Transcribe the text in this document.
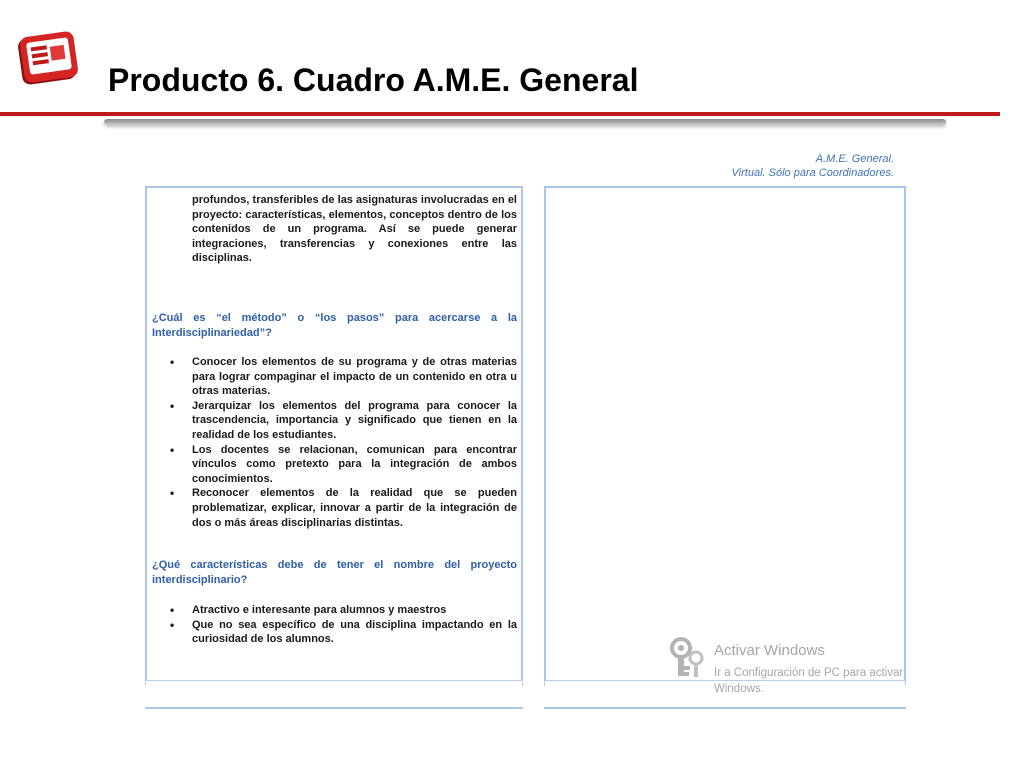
Producto 6. Cuadro A.M.E. General
A.M.E. General.
Virtual. Sólo para Coordinadores.
profundos, transferibles de las asignaturas involucradas en el proyecto: características, elementos, conceptos dentro de los contenidos de un programa. Así se puede generar integraciones, transferencias y conexiones entre las disciplinas.
¿Cuál es “el método” o “los pasos” para acercarse a la Interdisciplinariedad”?
• Conocer los elementos de su programa y de otras materias para lograr compaginar el impacto de un contenido en otra u otras materias.
• Jerarquizar los elementos del programa para conocer la trascendencia, importancia y significado que tienen en la realidad de los estudiantes.
• Los docentes se relacionan, comunican para encontrar vínculos como pretexto para la integración de ambos conocimientos.
• Reconocer elementos de la realidad que se pueden problematizar, explicar, innovar a partir de la integración de dos o más áreas disciplinarias distintas.
¿Qué características debe de tener el nombre del proyecto interdisciplinario?
• Atractivo e interesante para alumnos y maestros
• Que no sea específico de una disciplina impactando en la curiosidad de los alumnos.
Activar Windows
Ir a Configuración de PC para activar Windows.
